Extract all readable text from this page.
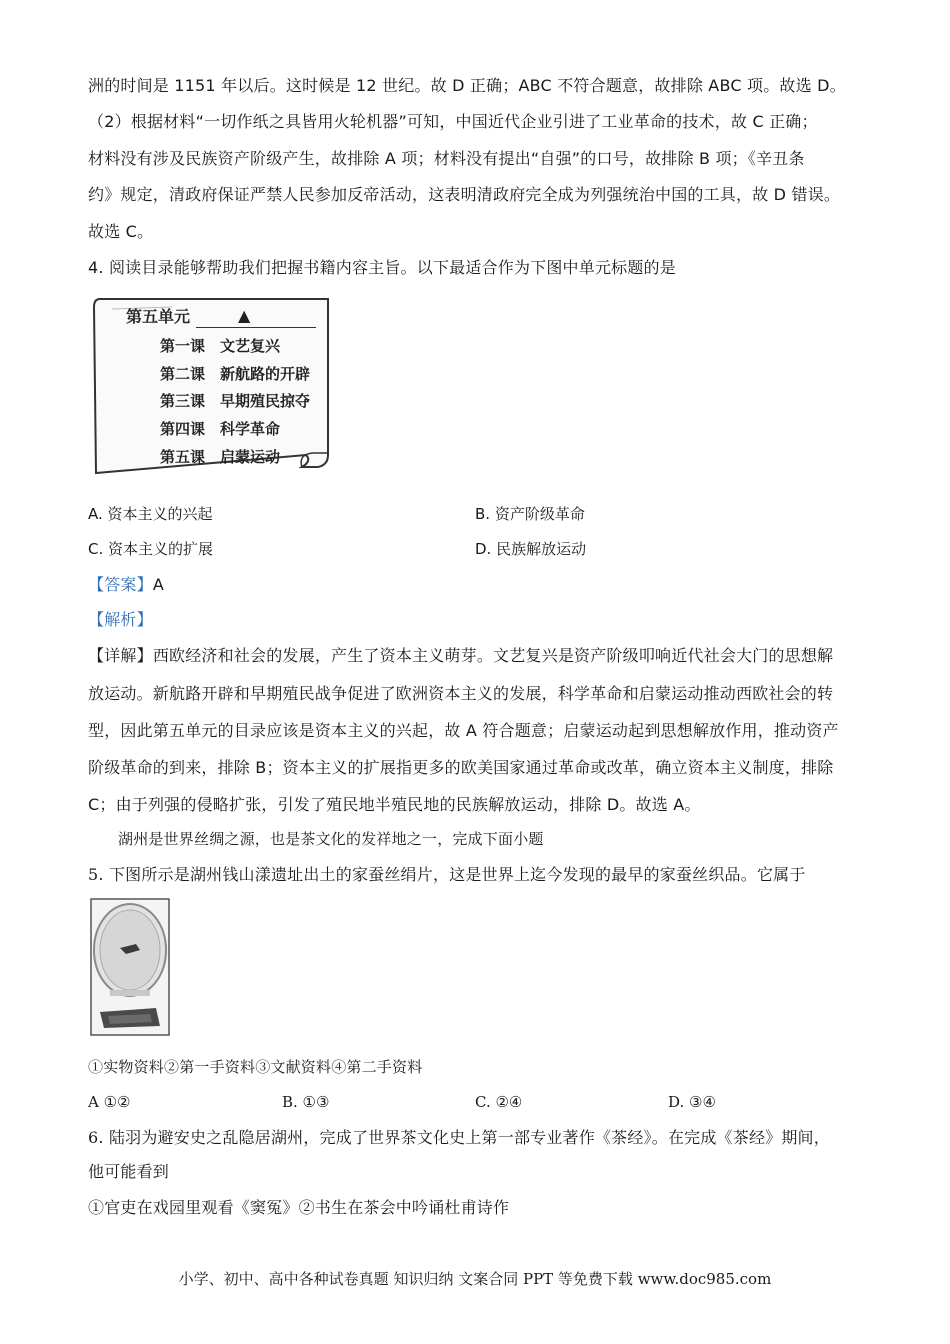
洲的时间是 1151 年以后。这时候是 12 世纪。故 D 正确；ABC 不符合题意，故排除 ABC 项。故选 D。
（2）根据材料“一切作纸之具皆用火轮机器”可知，中国近代企业引进了工业革命的技术，故 C 正确；
材料没有涉及民族资产阶级产生，故排除 A 项；材料没有提出“自强”的口号，故排除 B 项；《辛丑条
约》规定，清政府保证严禁人民参加反帝活动，这表明清政府完全成为列强统治中国的工具，故 D 错误。
故选 C。
4. 阅读目录能够帮助我们把握书籍内容主旨。以下最适合作为下图中单元标题的是
第五单元	▲
第一课 文艺复兴
第二课 新航路的开辟
第三课 早期殖民掠夺
第四课 科学革命
第五课 启蒙运动
A. 资本主义的兴起	B. 资产阶级革命
C. 资本主义的扩展	D. 民族解放运动
【答案】A
【解析】
【详解】西欧经济和社会的发展，产生了资本主义萌芽。文艺复兴是资产阶级叩响近代社会大门的思想解
放运动。新航路开辟和早期殖民战争促进了欧洲资本主义的发展，科学革命和启蒙运动推动西欧社会的转
型，因此第五单元的目录应该是资本主义的兴起，故 A 符合题意；启蒙运动起到思想解放作用，推动资产
阶级革命的到来，排除 B；资本主义的扩展指更多的欧美国家通过革命或改革，确立资本主义制度，排除
C；由于列强的侵略扩张，引发了殖民地半殖民地的民族解放运动，排除 D。故选 A。
湖州是世界丝绸之源，也是茶文化的发祥地之一，完成下面小题
5. 下图所示是湖州钱山漾遗址出土的家蚕丝绢片，这是世界上迄今发现的最早的家蚕丝织品。它属于
①实物资料②第一手资料③文献资料④第二手资料
A ①②	B. ①③	C. ②④	D. ③④
6. 陆羽为避安史之乱隐居湖州，完成了世界茶文化史上第一部专业著作《茶经》。在完成《茶经》期间，
他可能看到
①官吏在戏园里观看《窦冤》②书生在茶会中吟诵杜甫诗作
小学、初中、高中各种试卷真题 知识归纳 文案合同 PPT 等免费下载 www.doc985.com
